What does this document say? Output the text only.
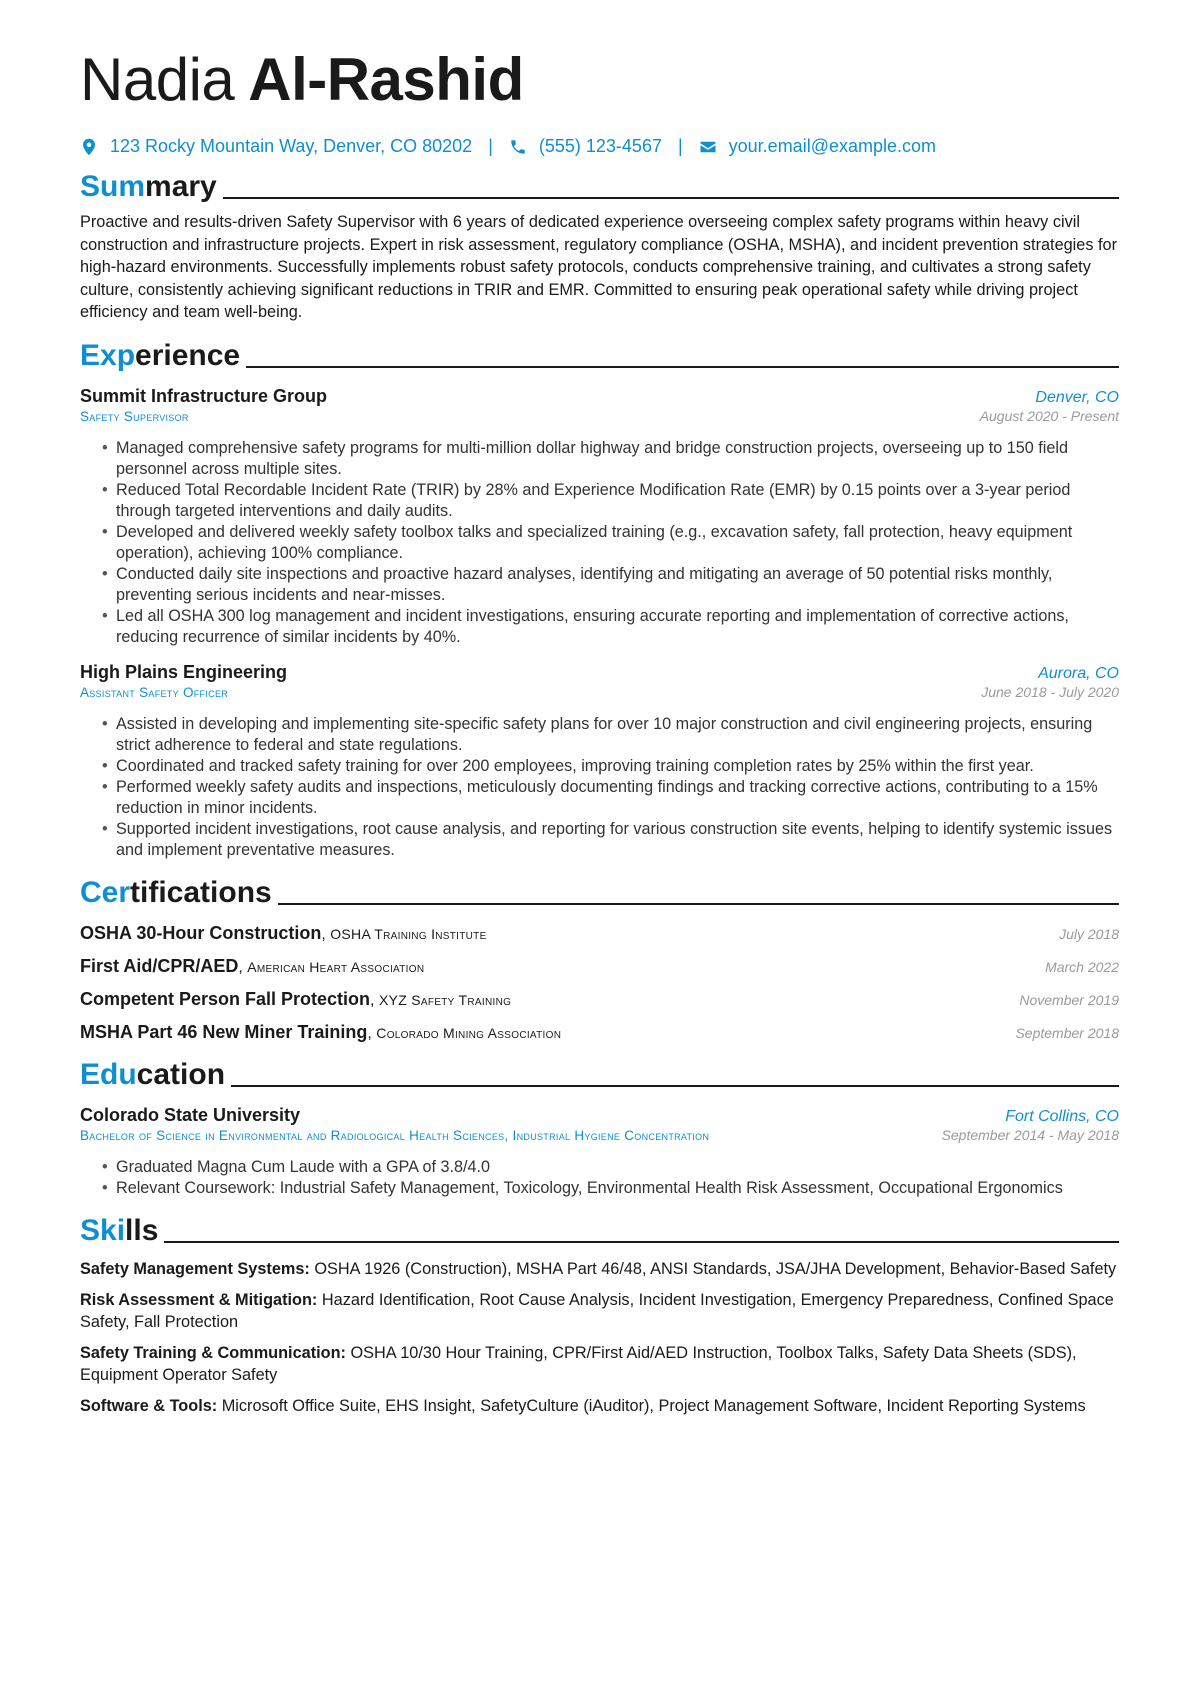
Nadia Al-Rashid
123 Rocky Mountain Way, Denver, CO 80202 |	(555) 123-4567 |	your.email@example.com
Summary

Proactive and results-driven Safety Supervisor with 6 years of dedicated experience overseeing complex safety programs within heavy civil construction and infrastructure projects. Expert in risk assessment, regulatory compliance (OSHA, MSHA), and incident prevention strategies for high-hazard environments. Successfully implements robust safety protocols, conducts comprehensive training, and cultivates a strong safety culture, consistently achieving significant reductions in TRIR and EMR. Committed to ensuring peak operational safety while driving project efficiency and team well-being.

Experience
Summit Infrastructure Group	Denver, CO
Safety Supervisor	August 2020 - Present
• Managed comprehensive safety programs for multi-million dollar highway and bridge construction projects, overseeing up to 150 field personnel across multiple sites.
• Reduced Total Recordable Incident Rate (TRIR) by 28% and Experience Modification Rate (EMR) by 0.15 points over a 3-year period through targeted interventions and daily audits.
• Developed and delivered weekly safety toolbox talks and specialized training (e.g., excavation safety, fall protection, heavy equipment operation), achieving 100% compliance.
• Conducted daily site inspections and proactive hazard analyses, identifying and mitigating an average of 50 potential risks monthly, preventing serious incidents and near-misses.
• Led all OSHA 300 log management and incident investigations, ensuring accurate reporting and implementation of corrective actions, reducing recurrence of similar incidents by 40%.
High Plains Engineering	Aurora, CO
Assistant Safety Officer	June 2018 - July 2020
• Assisted in developing and implementing site-specific safety plans for over 10 major construction and civil engineering projects, ensuring strict adherence to federal and state regulations.
• Coordinated and tracked safety training for over 200 employees, improving training completion rates by 25% within the first year.
• Performed weekly safety audits and inspections, meticulously documenting findings and tracking corrective actions, contributing to a 15% reduction in minor incidents.
• Supported incident investigations, root cause analysis, and reporting for various construction site events, helping to identify systemic issues and implement preventative measures.
Certifications
OSHA 30-Hour Construction, OSHA Training Institute	July 2018
First Aid/CPR/AED, American Heart Association	March 2022
Competent Person Fall Protection, XYZ Safety Training	November 2019
MSHA Part 46 New Miner Training, Colorado Mining Association	September 2018
Education
Colorado State University	Fort Collins, CO
Bachelor of Science in Environmental and Radiological Health Sciences, Industrial Hygiene Concentration	September 2014 - May 2018
• Graduated Magna Cum Laude with a GPA of 3.8/4.0
• Relevant Coursework: Industrial Safety Management, Toxicology, Environmental Health Risk Assessment, Occupational Ergonomics
Skills
Safety Management Systems: OSHA 1926 (Construction), MSHA Part 46/48, ANSI Standards, JSA/JHA Development, Behavior-Based Safety
Risk Assessment & Mitigation: Hazard Identification, Root Cause Analysis, Incident Investigation, Emergency Preparedness, Confined Space Safety, Fall Protection
Safety Training & Communication: OSHA 10/30 Hour Training, CPR/First Aid/AED Instruction, Toolbox Talks, Safety Data Sheets (SDS), Equipment Operator Safety
Software & Tools: Microsoft Office Suite, EHS Insight, SafetyCulture (iAuditor), Project Management Software, Incident Reporting Systems
